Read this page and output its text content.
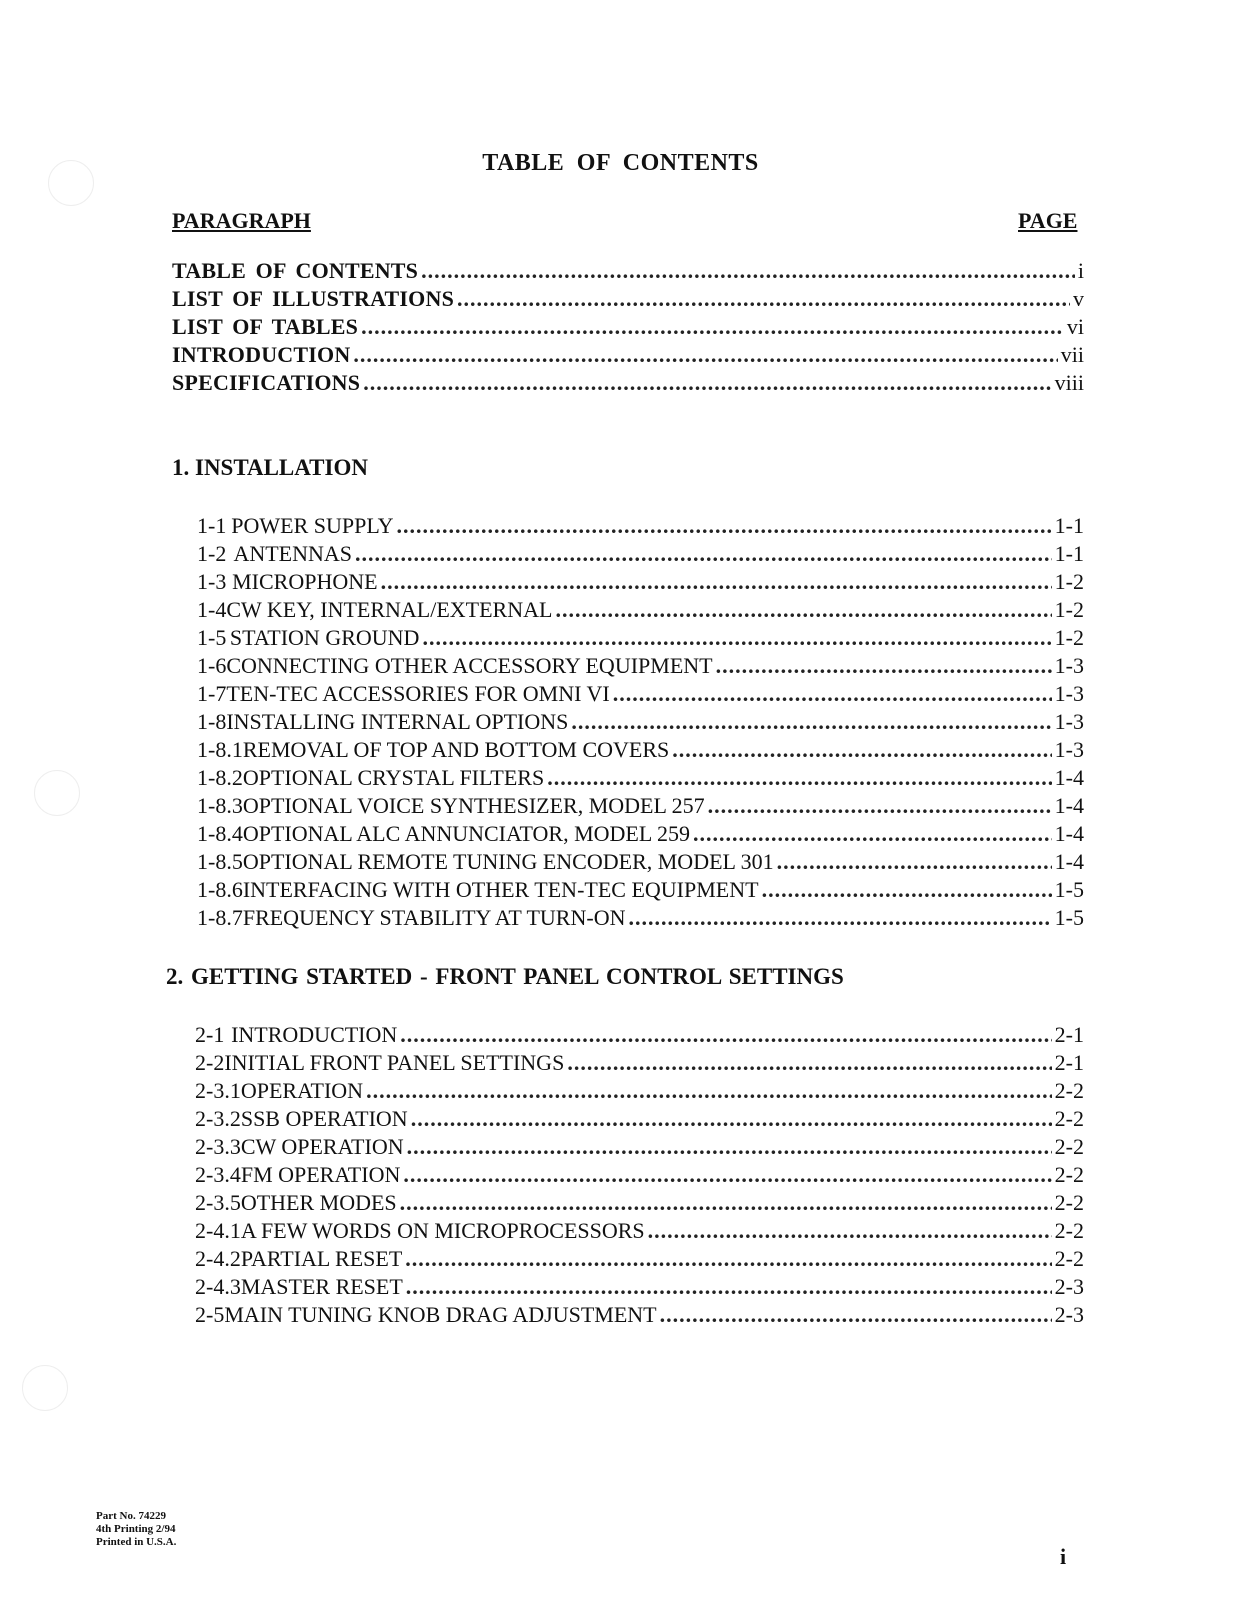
TABLE OF CONTENTS
PARAGRAPH	PAGE
TABLE OF CONTENTS .....	i
LIST OF ILLUSTRATIONS .....	v
LIST OF TABLES .....	vi
INTRODUCTION .....	vii
SPECIFICATIONS .....	viii
1. INSTALLATION
1-1 POWER SUPPLY .....	1-1
1-2 ANTENNAS .....	1-1
1-3 MICROPHONE .....	1-2
1-4 CW KEY, INTERNAL/EXTERNAL .....	1-2
1-5 STATION GROUND .....	1-2
1-6 CONNECTING OTHER ACCESSORY EQUIPMENT .....	1-3
1-7 TEN-TEC ACCESSORIES FOR OMNI VI .....	1-3
1-8 INSTALLING INTERNAL OPTIONS .....	1-3
1-8.1 REMOVAL OF TOP AND BOTTOM COVERS .....	1-3
1-8.2 OPTIONAL CRYSTAL FILTERS .....	1-4
1-8.3 OPTIONAL VOICE SYNTHESIZER, MODEL 257 .....	1-4
1-8.4 OPTIONAL ALC ANNUNCIATOR, MODEL 259 .....	1-4
1-8.5 OPTIONAL REMOTE TUNING ENCODER, MODEL 301 .....	1-4
1-8.6 INTERFACING WITH OTHER TEN-TEC EQUIPMENT .....	1-5
1-8.7 FREQUENCY STABILITY AT TURN-ON .....	1-5
2. GETTING STARTED - FRONT PANEL CONTROL SETTINGS
2-1 INTRODUCTION .....	2-1
2-2 INITIAL FRONT PANEL SETTINGS .....	2-1
2-3.1 OPERATION .....	2-2
2-3.2 SSB OPERATION .....	2-2
2-3.3 CW OPERATION .....	2-2
2-3.4 FM OPERATION .....	2-2
2-3.5 OTHER MODES .....	2-2
2-4.1 A FEW WORDS ON MICROPROCESSORS .....	2-2
2-4.2 PARTIAL RESET .....	2-2
2-4.3 MASTER RESET .....	2-3
2-5 MAIN TUNING KNOB DRAG ADJUSTMENT .....	2-3
Part No. 74229
4th Printing 2/94
Printed in U.S.A.
i
